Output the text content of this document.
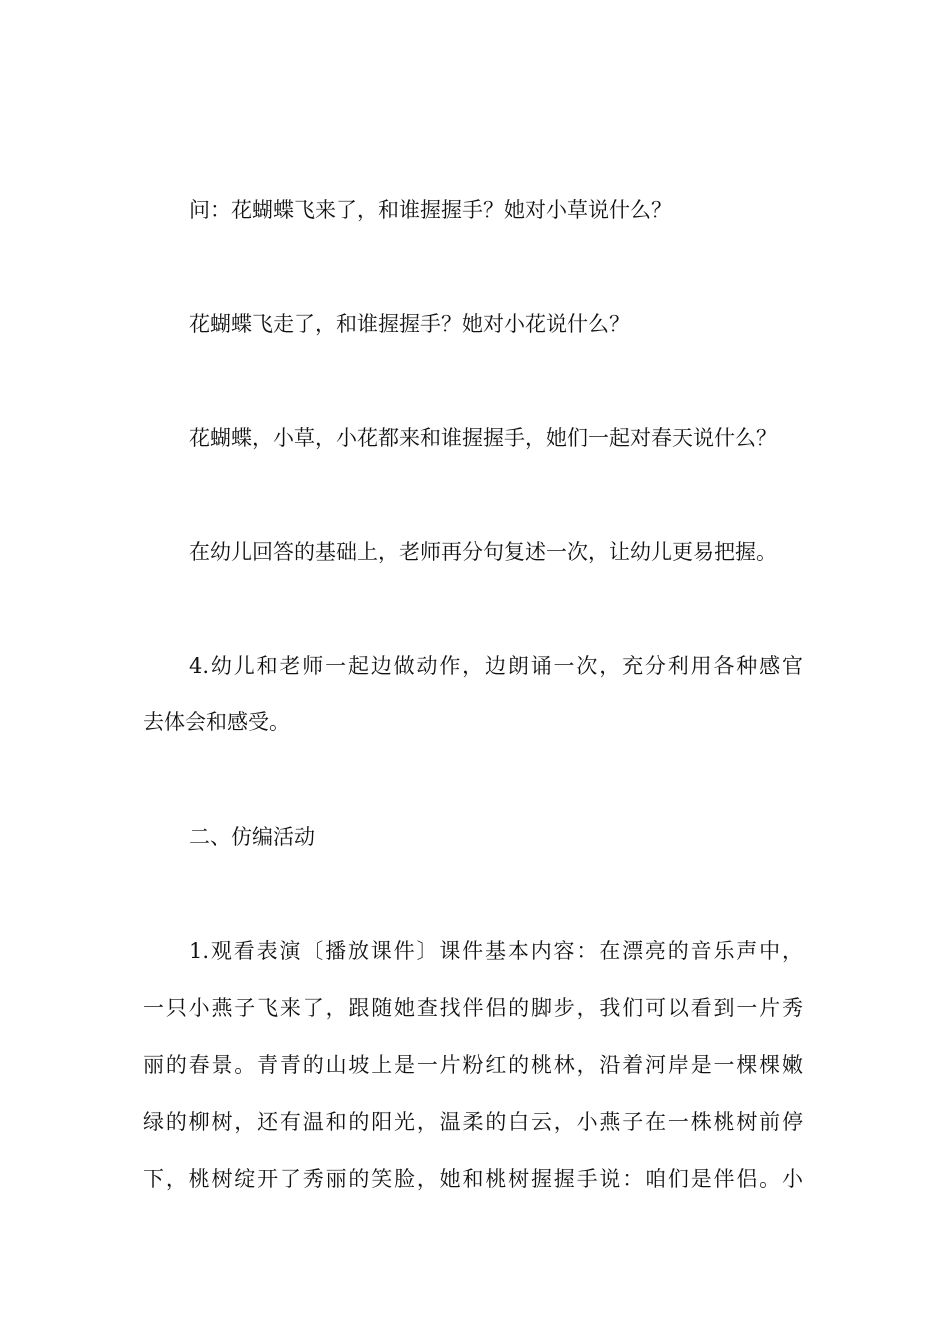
问：花蝴蝶飞来了，和谁握握手？她对小草说什么？

花蝴蝶飞走了，和谁握握手？她对小花说什么？

花蝴蝶，小草，小花都来和谁握握手，她们一起对春天说什么？

在幼儿回答的基础上，老师再分句复述一次，让幼儿更易把握。

4.幼儿和老师一起边做动作，边朗诵一次，充分利用各种感官

去体会和感受。

二、仿编活动

1.观看表演〔播放课件〕课件基本内容：在漂亮的音乐声中，

一只小燕子飞来了，跟随她查找伴侣的脚步，我们可以看到一片秀

丽的春景。青青的山坡上是一片粉红的桃林，沿着河岸是一棵棵嫩

绿的柳树，还有温和的阳光，温柔的白云，小燕子在一株桃树前停

下，桃树绽开了秀丽的笑脸，她和桃树握握手说：咱们是伴侣。小
